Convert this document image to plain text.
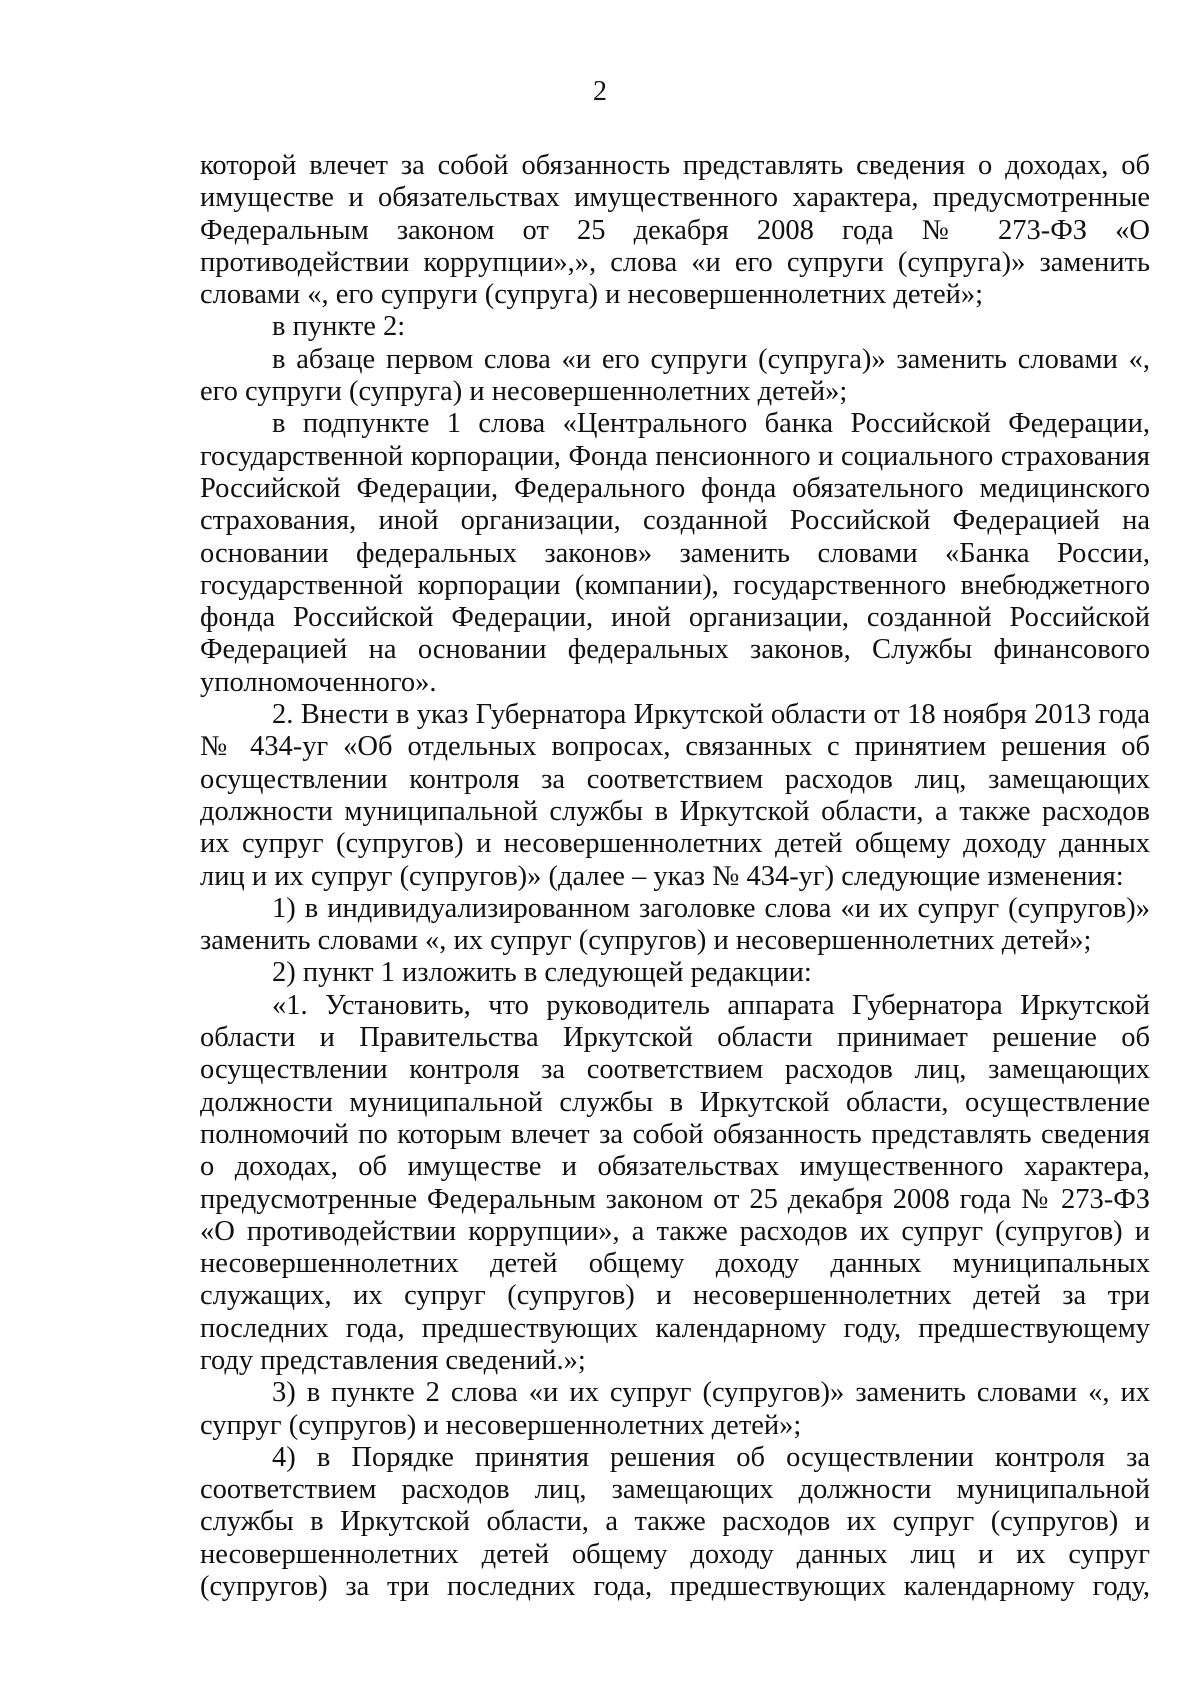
2

которой влечет за собой обязанность представлять сведения о доходах, об имуществе и обязательствах имущественного характера, предусмотренные Федеральным законом от 25 декабря 2008 года № 273-ФЗ «О противодействии коррупции»,», слова «и его супруги (супруга)» заменить словами «, его супруги (супруга) и несовершеннолетних детей»;

в пункте 2:

в абзаце первом слова «и его супруги (супруга)» заменить словами «, его супруги (супруга) и несовершеннолетних детей»;

в подпункте 1 слова «Центрального банка Российской Федерации, государственной корпорации, Фонда пенсионного и социального страхования Российской Федерации, Федерального фонда обязательного медицинского страхования, иной организации, созданной Российской Федерацией на основании федеральных законов» заменить словами «Банка России, государственной корпорации (компании), государственного внебюджетного фонда Российской Федерации, иной организации, созданной Российской Федерацией на основании федеральных законов, Службы финансового уполномоченного».

2. Внести в указ Губернатора Иркутской области от 18 ноября 2013 года № 434-уг «Об отдельных вопросах, связанных с принятием решения об осуществлении контроля за соответствием расходов лиц, замещающих должности муниципальной службы в Иркутской области, а также расходов их супруг (супругов) и несовершеннолетних детей общему доходу данных лиц и их супруг (супругов)» (далее – указ № 434-уг) следующие изменения:

1) в индивидуализированном заголовке слова «и их супруг (супругов)» заменить словами «, их супруг (супругов) и несовершеннолетних детей»;

2) пункт 1 изложить в следующей редакции:

«1. Установить, что руководитель аппарата Губернатора Иркутской области и Правительства Иркутской области принимает решение об осуществлении контроля за соответствием расходов лиц, замещающих должности муниципальной службы в Иркутской области, осуществление полномочий по которым влечет за собой обязанность представлять сведения о доходах, об имуществе и обязательствах имущественного характера, предусмотренные Федеральным законом от 25 декабря 2008 года № 273-ФЗ «О противодействии коррупции», а также расходов их супруг (супругов) и несовершеннолетних детей общему доходу данных муниципальных служащих, их супруг (супругов) и несовершеннолетних детей за три последних года, предшествующих календарному году, предшествующему году представления сведений.»;

3) в пункте 2 слова «и их супруг (супругов)» заменить словами «, их супруг (супругов) и несовершеннолетних детей»;

4) в Порядке принятия решения об осуществлении контроля за соответствием расходов лиц, замещающих должности муниципальной службы в Иркутской области, а также расходов их супруг (супругов) и несовершеннолетних детей общему доходу данных лиц и их супруг (супругов) за три последних года, предшествующих календарному году,
